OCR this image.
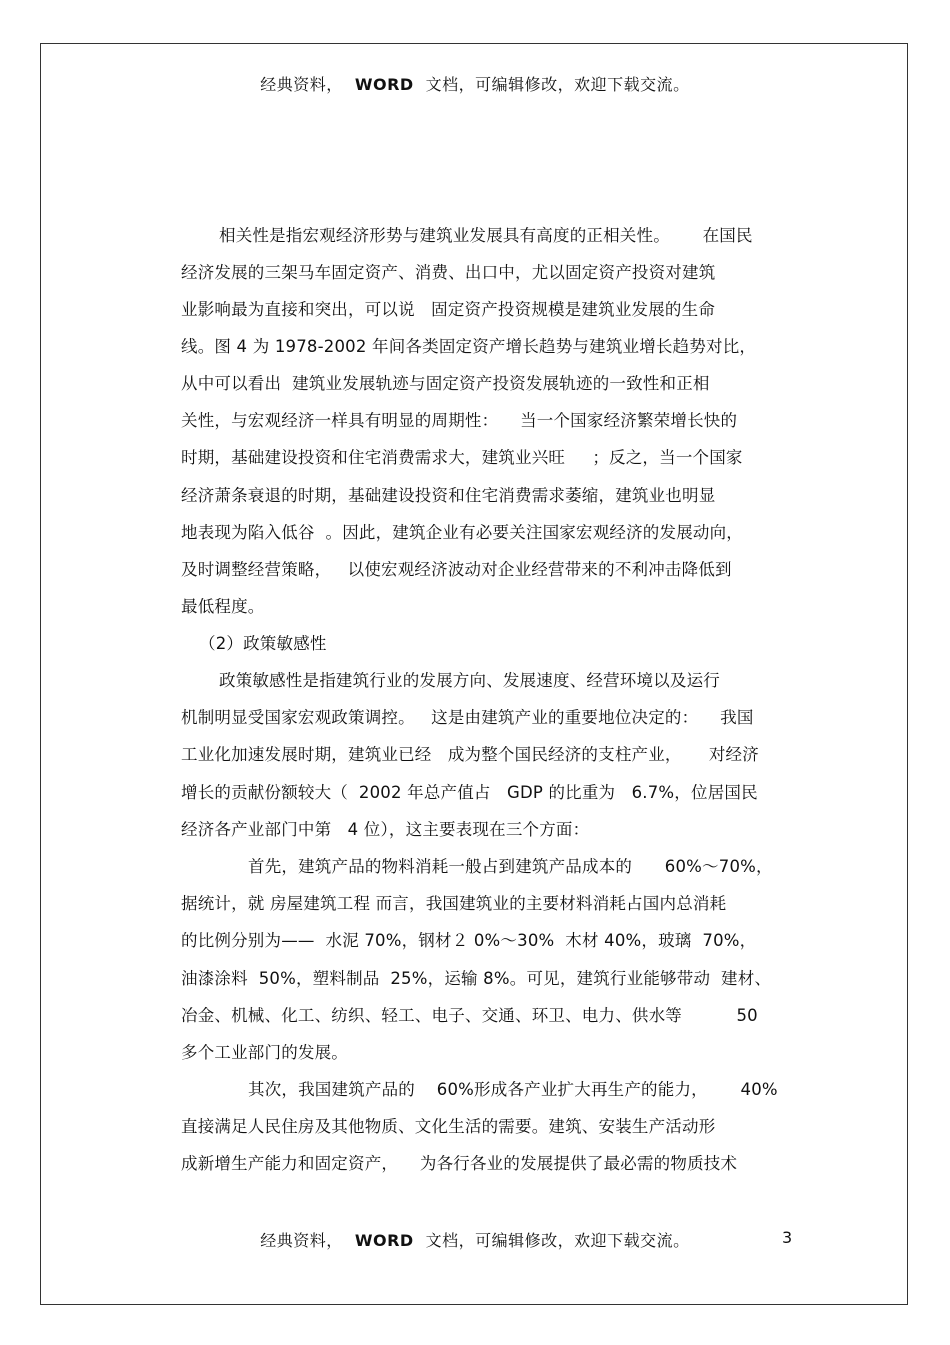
经典资料， WORD 文档，可编辑修改，欢迎下载交流。
相关性是指宏观经济形势与建筑业发展具有高度的正相关性。      在国民
经济发展的三架马车固定资产、消费、出口中，尤以固定资产投资对建筑
业影响最为直接和突出，可以说   固定资产投资规模是建筑业发展的生命
线。图 4 为 1978-2002 年间各类固定资产增长趋势与建筑业增长趋势对比，
从中可以看出  建筑业发展轨迹与固定资产投资发展轨迹的一致性和正相
关性，与宏观经济一样具有明显的周期性：    当一个国家经济繁荣增长快的
时期，基础建设投资和住宅消费需求大，建筑业兴旺     ；反之，当一个国家
经济萧条衰退的时期，基础建设投资和住宅消费需求萎缩，建筑业也明显
地表现为陷入低谷  。因此，建筑企业有必要关注国家宏观经济的发展动向，
及时调整经营策略，   以使宏观经济波动对企业经营带来的不利冲击降低到
最低程度。
（2）政策敏感性
政策敏感性是指建筑行业的发展方向、发展速度、经营环境以及运行
机制明显受国家宏观政策调控。   这是由建筑产业的重要地位决定的：    我国
工业化加速发展时期，建筑业已经   成为整个国民经济的支柱产业，     对经济
增长的贡献份额较大（  2002 年总产值占   GDP 的比重为   6.7%，位居国民
经济各产业部门中第   4 位），这主要表现在三个方面：
首先，建筑产品的物料消耗一般占到建筑产品成本的      60%～70%，
据统计，就 房屋建筑工程 而言，我国建筑业的主要材料消耗占国内总消耗
的比例分别为——  水泥 70%，钢材２ 0%～30%  木材 40%，玻璃  70%，
油漆涂料  50%，塑料制品  25%，运输 8%。可见，建筑行业能够带动  建材、
冶金、机械、化工、纺织、轻工、电子、交通、环卫、电力、供水等          50
多个工业部门的发展。
其次，我国建筑产品的    60%形成各产业扩大再生产的能力，      40%
直接满足人民住房及其他物质、文化生活的需要。建筑、安装生产活动形
成新增生产能力和固定资产，    为各行各业的发展提供了最必需的物质技术
经典资料， WORD 文档，可编辑修改，欢迎下载交流。	3
